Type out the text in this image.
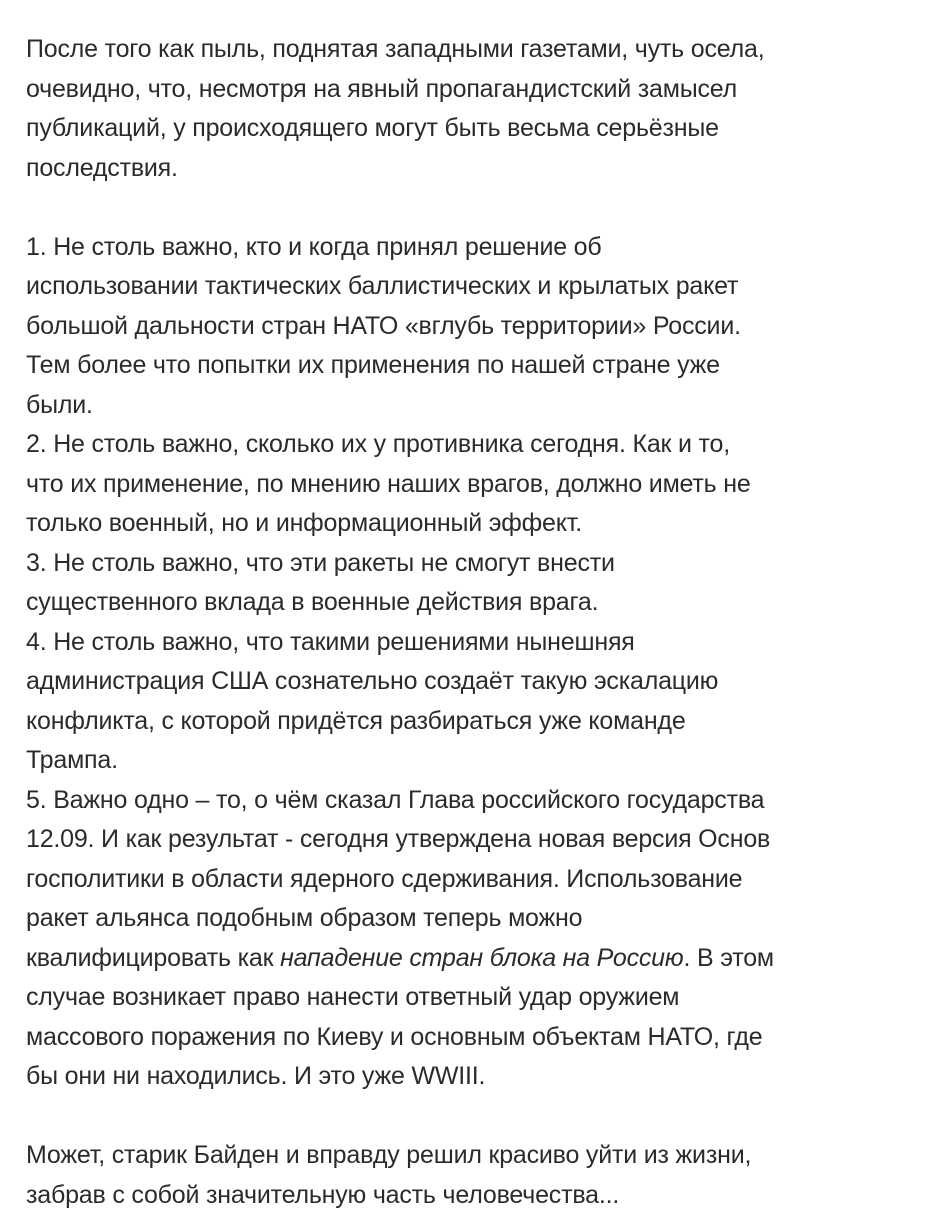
После того как пыль, поднятая западными газетами, чуть осела,
очевидно, что, несмотря на явный пропагандистский замысел
публикаций, у происходящего могут быть весьма серьёзные
последствия.
1. Не столь важно, кто и когда принял решение об
использовании тактических баллистических и крылатых ракет
большой дальности стран НАТО «вглубь территории» России.
Тем более что попытки их применения по нашей стране уже
были.
2. Не столь важно, сколько их у противника сегодня. Как и то,
что их применение, по мнению наших врагов, должно иметь не
только военный, но и информационный эффект.
3. Не столь важно, что эти ракеты не смогут внести
существенного вклада в военные действия врага.
4. Не столь важно, что такими решениями нынешняя
администрация США сознательно создаёт такую эскалацию
конфликта, с которой придётся разбираться уже команде
Трампа.
5. Важно одно – то, о чём сказал Глава российского государства
12.09. И как результат - сегодня утверждена новая версия Основ
госполитики в области ядерного сдерживания. Использование
ракет альянса подобным образом теперь можно
квалифицировать как нападение стран блока на Россию. В этом
случае возникает право нанести ответный удар оружием
массового поражения по Киеву и основным объектам НАТО, где
бы они ни находились. И это уже WWIII.
Может, старик Байден и вправду решил красиво уйти из жизни,
забрав с собой значительную часть человечества...
